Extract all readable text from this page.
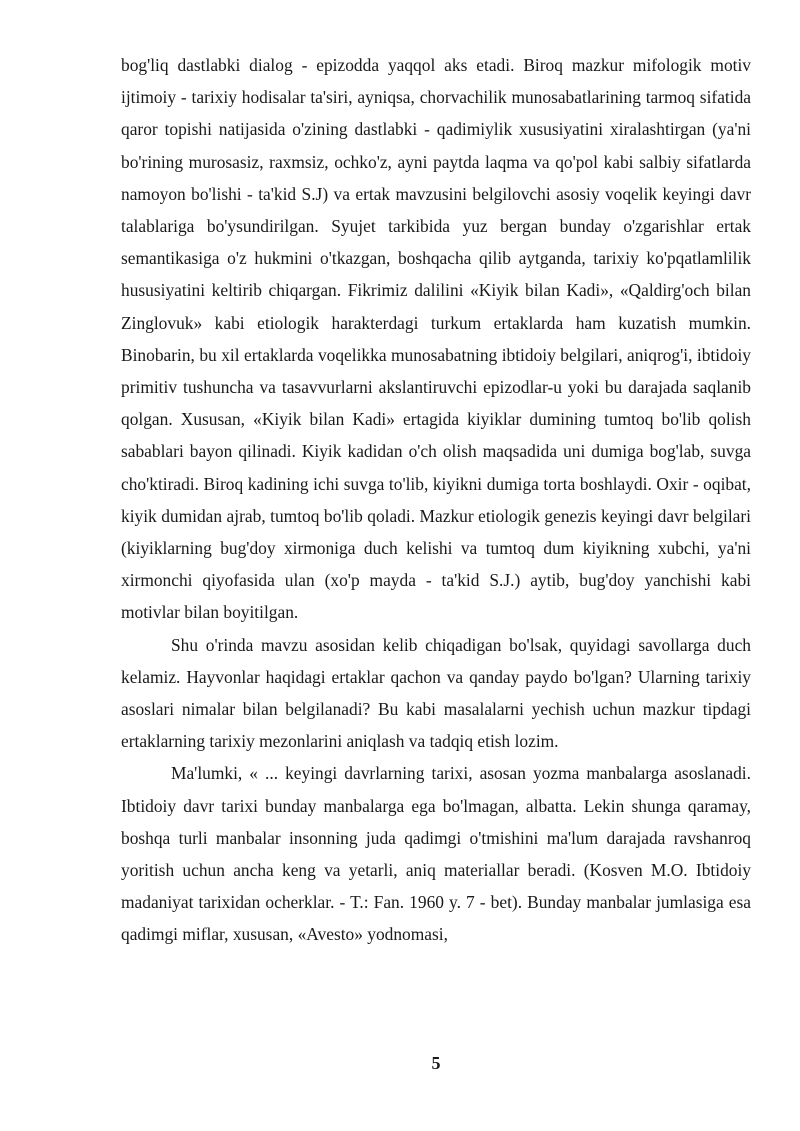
bog'liq dastlabki dialog - epizodda yaqqol aks etadi. Biroq mazkur mifologik motiv ijtimoiy - tarixiy hodisalar ta'siri, ayniqsa, chorvachilik munosabatlarining tarmoq sifatida qaror topishi natijasida o'zining dastlabki - qadimiylik xususiyatini xiralashtirgan (ya'ni bo'rining murosasiz, raxmsiz, ochko'z, ayni paytda laqma va qo'pol kabi salbiy sifatlarda namoyon bo'lishi - ta'kid S.J) va ertak mavzusini belgilovchi asosiy voqelik keyingi davr talablariga bo'ysundirilgan. Syujet tarkibida yuz bergan bunday o'zgarishlar ertak semantikasiga o'z hukmini o'tkazgan, boshqacha qilib aytganda, tarixiy ko'pqatlamlilik hususiyatini keltirib chiqargan. Fikrimiz dalilini «Kiyik bilan Kadi», «Qaldirg'och bilan Zinglovuk» kabi etiologik harakterdagi turkum ertaklarda ham kuzatish mumkin. Binobarin, bu xil ertaklarda voqelikka munosabatning ibtidoiy belgilari, aniqrog'i, ibtidoiy primitiv tushuncha va tasavvurlarni akslantiruvchi epizodlar-u yoki bu darajada saqlanib qolgan. Xususan, «Kiyik bilan Kadi» ertagida kiyiklar dumining tumtoq bo'lib qolish sabablari bayon qilinadi. Kiyik kadidan o'ch olish maqsadida uni dumiga bog'lab, suvga cho'ktiradi. Biroq kadining ichi suvga to'lib, kiyikni dumiga torta boshlaydi. Oxir - oqibat, kiyik dumidan ajrab, tumtoq bo'lib qoladi. Mazkur etiologik genezis keyingi davr belgilari (kiyiklarning bug'doy xirmoniga duch kelishi va tumtoq dum kiyikning xubchi, ya'ni xirmonchi qiyofasida ulan (xo'p mayda - ta'kid S.J.) aytib, bug'doy yanchishi kabi motivlar bilan boyitilgan.

Shu o'rinda mavzu asosidan kelib chiqadigan bo'lsak, quyidagi savollarga duch kelamiz. Hayvonlar haqidagi ertaklar qachon va qanday paydo bo'lgan? Ularning tarixiy asoslari nimalar bilan belgilanadi? Bu kabi masalalarni yechish uchun mazkur tipdagi ertaklarning tarixiy mezonlarini aniqlash va tadqiq etish lozim.

Ma'lumki, « ... keyingi davrlarning tarixi, asosan yozma manbalarga asoslanadi. Ibtidoiy davr tarixi bunday manbalarga ega bo'lmagan, albatta. Lekin shunga qaramay, boshqa turli manbalar insonning juda qadimgi o'tmishini ma'lum darajada ravshanroq yoritish uchun ancha keng va yetarli, aniq materiallar beradi. (Kosven M.O. Ibtidoiy madaniyat tarixidan ocherklar. - T.: Fan. 1960 y. 7 - bet). Bunday manbalar jumlasiga esa qadimgi miflar, xususan, «Avesto» yodnomasi,

5
